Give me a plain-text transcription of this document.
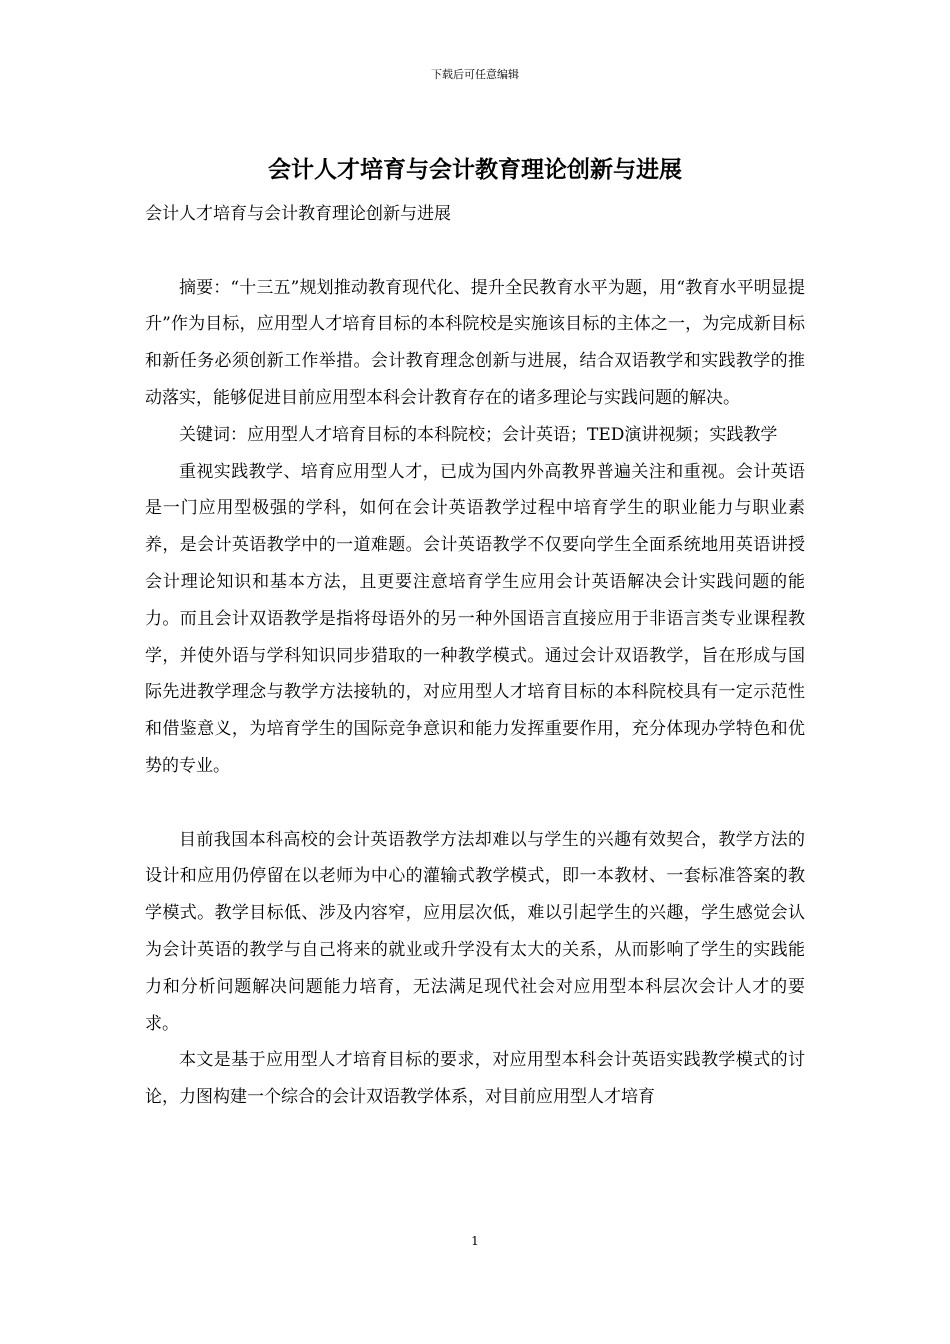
下载后可任意编辑
会计人才培育与会计教育理论创新与进展

会计人才培育与会计教育理论创新与进展

摘要：“十三五”规划推动教育现代化、提升全民教育水平为题，用“教育水平明显提升”作为目标，应用型人才培育目标的本科院校是实施该目标的主体之一，为完成新目标和新任务必须创新工作举措。会计教育理念创新与进展，结合双语教学和实践教学的推动落实，能够促进目前应用型本科会计教育存在的诸多理论与实践问题的解决。

关键词：应用型人才培育目标的本科院校；会计英语；TED演讲视频；实践教学

重视实践教学、培育应用型人才，已成为国内外高教界普遍关注和重视。会计英语是一门应用型极强的学科，如何在会计英语教学过程中培育学生的职业能力与职业素养，是会计英语教学中的一道难题。会计英语教学不仅要向学生全面系统地用英语讲授会计理论知识和基本方法，且更要注意培育学生应用会计英语解决会计实践问题的能力。而且会计双语教学是指将母语外的另一种外国语言直接应用于非语言类专业课程教学，并使外语与学科知识同步猎取的一种教学模式。通过会计双语教学，旨在形成与国际先进教学理念与教学方法接轨的，对应用型人才培育目标的本科院校具有一定示范性和借鉴意义，为培育学生的国际竞争意识和能力发挥重要作用，充分体现办学特色和优势的专业。

目前我国本科高校的会计英语教学方法却难以与学生的兴趣有效契合，教学方法的设计和应用仍停留在以老师为中心的灌输式教学模式，即一本教材、一套标准答案的教学模式。教学目标低、涉及内容窄，应用层次低，难以引起学生的兴趣，学生感觉会认为会计英语的教学与自己将来的就业或升学没有太大的关系，从而影响了学生的实践能力和分析问题解决问题能力培育，无法满足现代社会对应用型本科层次会计人才的要求。

本文是基于应用型人才培育目标的要求，对应用型本科会计英语实践教学模式的讨论，力图构建一个综合的会计双语教学体系，对目前应用型人才培育

1
